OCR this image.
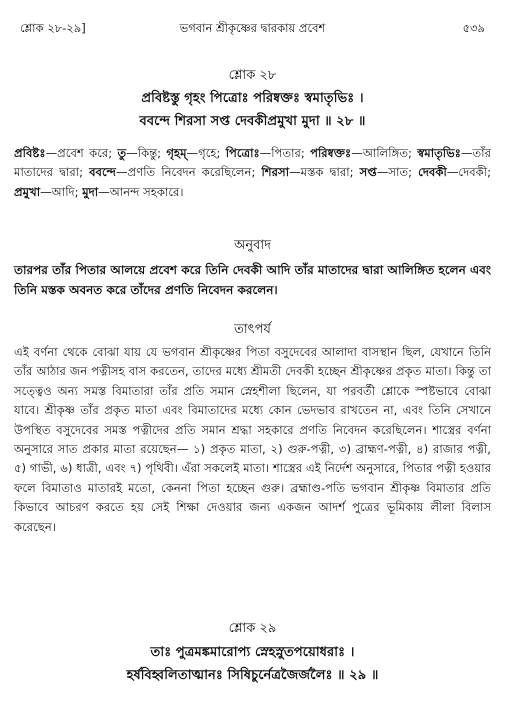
শ্লোক ২৮-২৯]	ভগবান শ্রীকৃষ্ণের দ্বারকায় প্রবেশ	৫৩৯
শ্লোক ২৮
প্রবিষ্টস্তু গৃহং পিত্রোঃ পরিষ্বক্তঃ স্বমাতৃভিঃ ।
ববন্দে শিরসা সপ্ত দেবকীপ্রমুখা মুদা ॥ ২৮ ॥
প্রবিষ্টঃ—প্রবেশ করে; তু—কিন্তু; গৃহম্—গৃহে; পিত্রোঃ—পিতার; পরিষ্বক্তঃ—আলিঙ্গিত; স্বমাতৃভিঃ—তাঁর মাতাদের দ্বারা; ববন্দে—প্রণতি নিবেদন করেছিলেন; শিরসা—মস্তক দ্বারা; সপ্ত—সাত; দেবকী—দেবকী; প্রমুখা—আদি; মুদা—আনন্দ সহকারে।
অনুবাদ
তারপর তাঁর পিতার আলয়ে প্রবেশ করে তিনি দেবকী আদি তাঁর মাতাদের দ্বারা আলিঙ্গিত হলেন এবং তিনি মস্তক অবনত করে তাঁদের প্রণতি নিবেদন করলেন।
তাৎপর্য
এই বর্ণনা থেকে বোঝা যায় যে ভগবান শ্রীকৃষ্ণের পিতা বসুদেবের আলাদা বাসস্থান ছিল, যেখানে তিনি তাঁর আঠার জন পত্নীসহ বাস করতেন, তাদের মধ্যে শ্রীমতী দেবকী হচ্ছেন শ্রীকৃষ্ণের প্রকৃত মাতা। কিন্তু তা সত্ত্বেও অন্য সমস্ত বিমাতারা তাঁর প্রতি সমান স্নেহশীলা ছিলেন, যা পরবর্তী শ্লোকে স্পষ্টভাবে বোঝা যাবে। শ্রীকৃষ্ণ তাঁর প্রকৃত মাতা এবং বিমাতাদের মধ্যে কোন ভেদভাব রাখতেন না, এবং তিনি সেখানে উপস্থিত বসুদেবের সমস্ত পত্নীদের প্রতি সমান শ্রদ্ধা সহকারে প্রণতি নিবেদন করেছিলেন। শাস্ত্রের বর্ণনা অনুসারে সাত প্রকার মাতা রয়েছেন— ১) প্রকৃত মাতা, ২) গুরু-পত্নী, ৩) ব্রাহ্মণ-পত্নী, ৪) রাজার পত্নী, ৫) গাভী, ৬) ধাত্রী, এবং ৭) পৃথিবী। এঁরা সকলেই মাতা। শাস্ত্রের এই নির্দেশ অনুসারে, পিতার পত্নী হওয়ার ফলে বিমাতাও মাতারই মতো, কেননা পিতা হচ্ছেন গুরু। ব্রহ্মাণ্ড-পতি ভগবান শ্রীকৃষ্ণ বিমাতার প্রতি কিভাবে আচরণ করতে হয় সেই শিক্ষা দেওয়ার জন্য একজন আদর্শ পুত্রের ভূমিকায় লীলা বিলাস করেছেন।
শ্লোক ২৯
তাঃ পুত্রমঙ্কমারোপ্য স্নেহস্নুতপয়োধরাঃ ।
হর্ষবিহ্বলিতাত্মানঃ সিষিচুর্নেত্রজৈর্জলৈঃ ॥ ২৯ ॥
